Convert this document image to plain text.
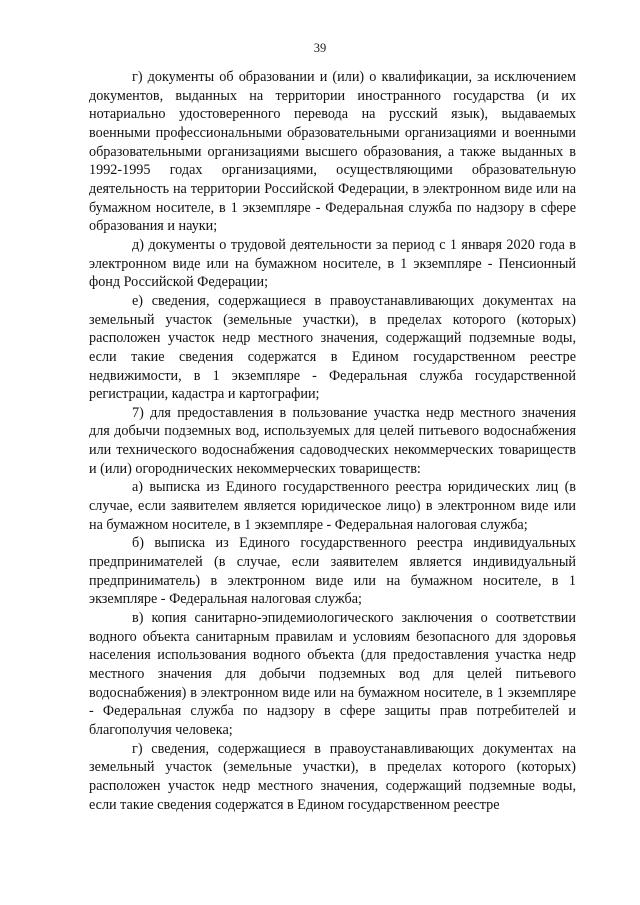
39

г) документы об образовании и (или) о квалификации, за исключением документов, выданных на территории иностранного государства (и их нотариально удостоверенного перевода на русский язык), выдаваемых военными профессиональными образовательными организациями и военными образовательными организациями высшего образования, а также выданных в 1992-1995 годах организациями, осуществляющими образовательную деятельность на территории Российской Федерации, в электронном виде или на бумажном носителе, в 1 экземпляре - Федеральная служба по надзору в сфере образования и науки;

д) документы о трудовой деятельности за период с 1 января 2020 года в электронном виде или на бумажном носителе, в 1 экземпляре - Пенсионный фонд Российской Федерации;

е) сведения, содержащиеся в правоустанавливающих документах на земельный участок (земельные участки), в пределах которого (которых) расположен участок недр местного значения, содержащий подземные воды, если такие сведения содержатся в Едином государственном реестре недвижимости, в 1 экземпляре - Федеральная служба государственной регистрации, кадастра и картографии;

7) для предоставления в пользование участка недр местного значения для добычи подземных вод, используемых для целей питьевого водоснабжения или технического водоснабжения садоводческих некоммерческих товариществ и (или) огороднических некоммерческих товариществ:

а) выписка из Единого государственного реестра юридических лиц (в случае, если заявителем является юридическое лицо) в электронном виде или на бумажном носителе, в 1 экземпляре - Федеральная налоговая служба;

б) выписка из Единого государственного реестра индивидуальных предпринимателей (в случае, если заявителем является индивидуальный предприниматель) в электронном виде или на бумажном носителе, в 1 экземпляре - Федеральная налоговая служба;

в) копия санитарно-эпидемиологического заключения о соответствии водного объекта санитарным правилам и условиям безопасного для здоровья населения использования водного объекта (для предоставления участка недр местного значения для добычи подземных вод для целей питьевого водоснабжения) в электронном виде или на бумажном носителе, в 1 экземпляре - Федеральная служба по надзору в сфере защиты прав потребителей и благополучия человека;

г) сведения, содержащиеся в правоустанавливающих документах на земельный участок (земельные участки), в пределах которого (которых) расположен участок недр местного значения, содержащий подземные воды, если такие сведения содержатся в Едином государственном реестре
